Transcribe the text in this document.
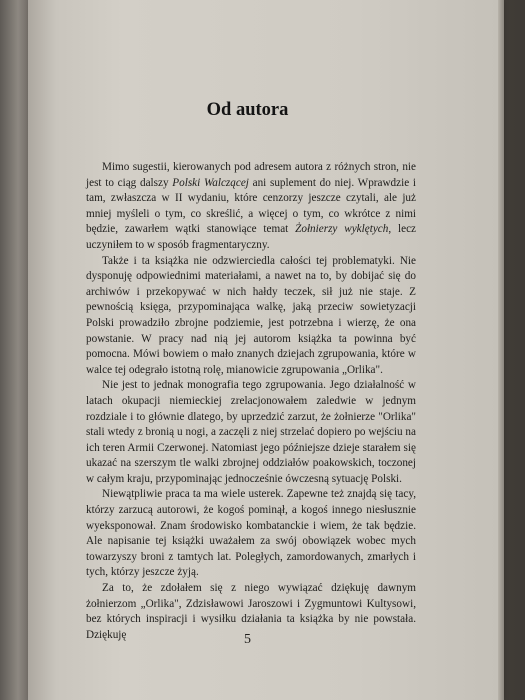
Od autora

Mimo sugestii, kierowanych pod adresem autora z różnych stron, nie jest to ciąg dalszy Polski Walczącej ani suplement do niej. Wprawdzie i tam, zwłaszcza w II wydaniu, które cenzorzy jeszcze czytali, ale już mniej myśleli o tym, co skreślić, a więcej o tym, co wkrótce z nimi będzie, zawarłem wątki stanowiące temat Żołnierzy wyklętych, lecz uczyniłem to w sposób fragmentaryczny.

Także i ta książka nie odzwierciedla całości tej problematyki. Nie dysponuję odpowiednimi materiałami, a nawet na to, by dobijać się do archiwów i przekopywać w nich hałdy teczek, sił już nie staje. Z pewnością księga, przypominająca walkę, jaką przeciw sowietyzacji Polski prowadziło zbrojne podziemie, jest potrzebna i wierzę, że ona powstanie. W pracy nad nią jej autorom książka ta powinna być pomocna. Mówi bowiem o mało znanych dziejach zgrupowania, które w walce tej odegrało istotną rolę, mianowicie zgrupowania „Orlika".

Nie jest to jednak monografia tego zgrupowania. Jego działalność w latach okupacji niemieckiej zrelacjonowałem zaledwie w jednym rozdziale i to głównie dlatego, by uprzedzić zarzut, że żołnierze "Orlika" stali wtedy z bronią u nogi, a zaczęli z niej strzelać dopiero po wejściu na ich teren Armii Czerwonej. Natomiast jego późniejsze dzieje starałem się ukazać na szerszym tle walki zbrojnej oddziałów poakowskich, toczonej w całym kraju, przypominając jednocześnie ówczesną sytuację Polski.

Niewątpliwie praca ta ma wiele usterek. Zapewne też znajdą się tacy, którzy zarzucą autorowi, że kogoś pominął, a kogoś innego niesłusznie wyeksponował. Znam środowisko kombatanckie i wiem, że tak będzie. Ale napisanie tej książki uważałem za swój obowiązek wobec mych towarzyszy broni z tamtych lat. Poległych, zamordowanych, zmarłych i tych, którzy jeszcze żyją.

Za to, że zdołałem się z niego wywiązać dziękuję dawnym żołnierzom „Orlika", Zdzisławowi Jaroszowi i Zygmuntowi Kultysowi, bez których inspiracji i wysiłku działania ta książka by nie powstała. Dziękuję	5
